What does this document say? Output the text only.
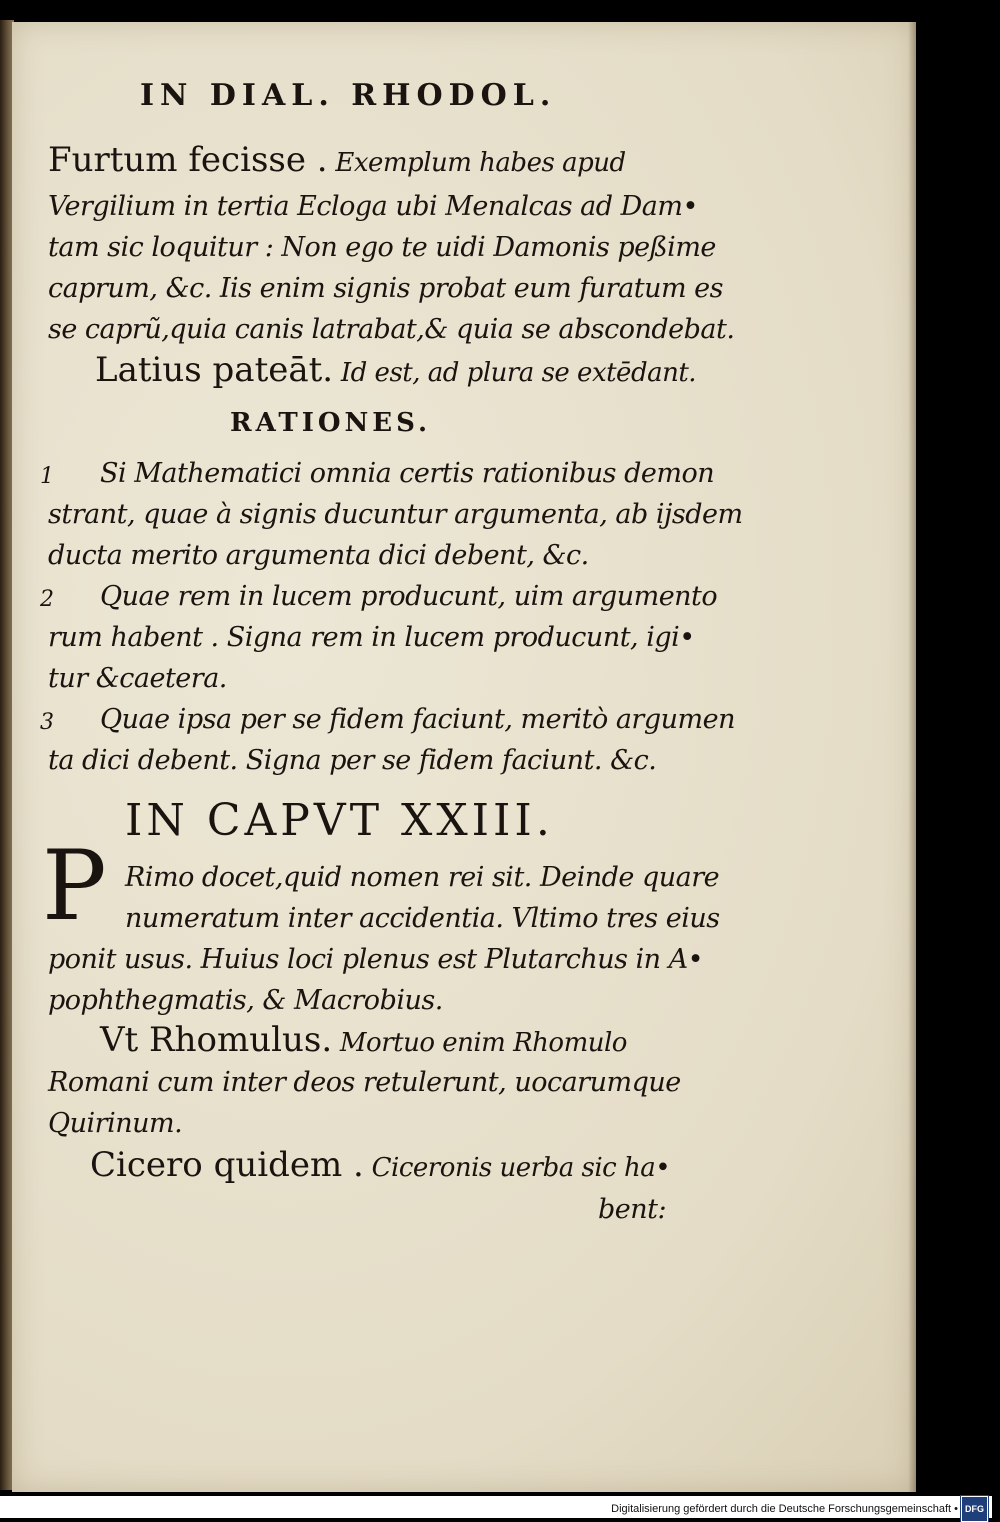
IN DIAL. RHODOL.
Furtum fecisse . Exemplum habes apud
Vergilium in tertia Ecloga ubi Menalcas ad Dam•
tam sic loquitur : Non ego te uidi Damonis peßime
caprum, &c. Iis enim signis probat eum furatum es
se caprũ,quia canis latrabat,& quia se abscondebat.
Latius pateāt. Id est, ad plura se extēdant.
RATIONES.
1 Si Mathematici omnia certis rationibus demon
strant, quae à signis ducuntur argumenta, ab ijsdem
ducta merito argumenta dici debent, &c.
2 Quae rem in lucem producunt, uim argumento
rum habent . Signa rem in lucem producunt, igi•
tur &caetera.
3 Quae ipsa per se fidem faciunt, meritò argumen
ta dici debent. Signa per se fidem faciunt. &c.
IN CAPVT XXIII.
P Rimo docet,quid nomen rei sit. Deinde quare
numeratum inter accidentia. Vltimo tres eius
ponit usus. Huius loci plenus est Plutarchus in A•
pophthegmatis, & Macrobius.
Vt Rhomulus. Mortuo enim Rhomulo
Romani cum inter deos retulerunt, uocarumque
Quirinum.
Cicero quidem . Ciceronis uerba sic ha•
bent:
Digitalisierung gefördert durch die Deutsche Forschungsgemeinschaft • DFG
